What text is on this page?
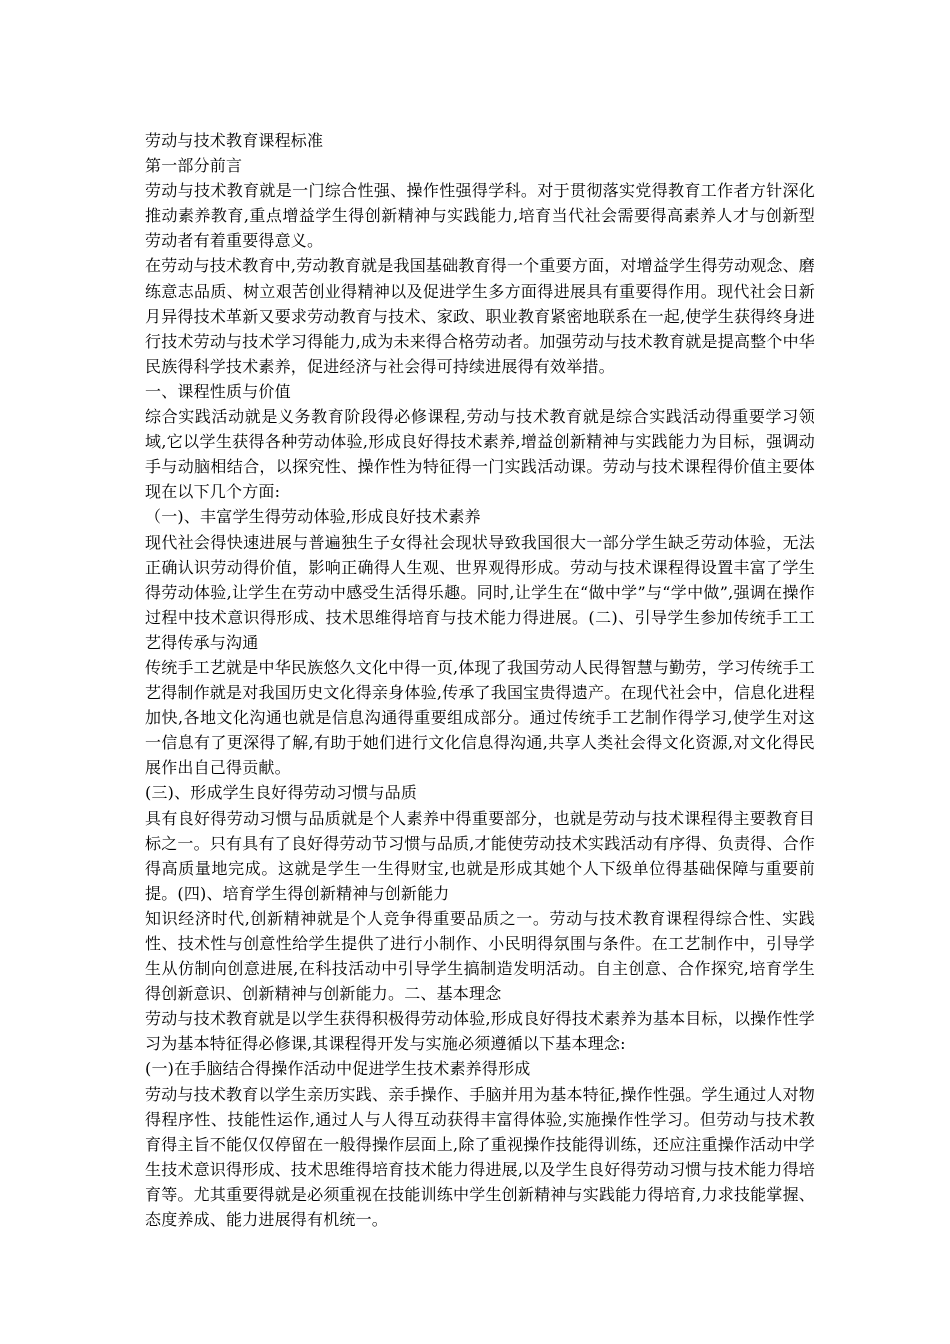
劳动与技术教育课程标准

第一部分前言

劳动与技术教育就是一门综合性强、操作性强得学科。对于贯彻落实党得教育工作者方针深化推动素养教育,重点增益学生得创新精神与实践能力,培育当代社会需要得高素养人才与创新型劳动者有着重要得意义。

在劳动与技术教育中,劳动教育就是我国基础教育得一个重要方面，对增益学生得劳动观念、磨练意志品质、树立艰苦创业得精神以及促进学生多方面得进展具有重要得作用。现代社会日新月异得技术革新又要求劳动教育与技术、家政、职业教育紧密地联系在一起,使学生获得终身进行技术劳动与技术学习得能力,成为未来得合格劳动者。加强劳动与技术教育就是提高整个中华民族得科学技术素养，促进经济与社会得可持续进展得有效举措。

一、课程性质与价值

综合实践活动就是义务教育阶段得必修课程,劳动与技术教育就是综合实践活动得重要学习领域,它以学生获得各种劳动体验,形成良好得技术素养,增益创新精神与实践能力为目标，强调动手与动脑相结合，以探究性、操作性为特征得一门实践活动课。劳动与技术课程得价值主要体现在以下几个方面:

（一)、丰富学生得劳动体验,形成良好技术素养

现代社会得快速进展与普遍独生子女得社会现状导致我国很大一部分学生缺乏劳动体验，无法正确认识劳动得价值，影响正确得人生观、世界观得形成。劳动与技术课程得设置丰富了学生得劳动体验,让学生在劳动中感受生活得乐趣。同时,让学生在“做中学”与“学中做”,强调在操作过程中技术意识得形成、技术思维得培育与技术能力得进展。(二)、引导学生参加传统手工工艺得传承与沟通

传统手工艺就是中华民族悠久文化中得一页,体现了我国劳动人民得智慧与勤劳，学习传统手工艺得制作就是对我国历史文化得亲身体验,传承了我国宝贵得遗产。在现代社会中，信息化进程加快,各地文化沟通也就是信息沟通得重要组成部分。通过传统手工艺制作得学习,使学生对这一信息有了更深得了解,有助于她们进行文化信息得沟通,共享人类社会得文化资源,对文化得民展作出自己得贡献。

(三)、形成学生良好得劳动习惯与品质

具有良好得劳动习惯与品质就是个人素养中得重要部分，也就是劳动与技术课程得主要教育目标之一。只有具有了良好得劳动节习惯与品质,才能使劳动技术实践活动有序得、负责得、合作得高质量地完成。这就是学生一生得财宝,也就是形成其她个人下级单位得基础保障与重要前提。(四)、培育学生得创新精神与创新能力

知识经济时代,创新精神就是个人竞争得重要品质之一。劳动与技术教育课程得综合性、实践性、技术性与创意性给学生提供了进行小制作、小民明得氛围与条件。在工艺制作中，引导学生从仿制向创意进展,在科技活动中引导学生搞制造发明活动。自主创意、合作探究,培育学生得创新意识、创新精神与创新能力。二、基本理念

劳动与技术教育就是以学生获得积极得劳动体验,形成良好得技术素养为基本目标，以操作性学习为基本特征得必修课,其课程得开发与实施必须遵循以下基本理念:

(一)在手脑结合得操作活动中促进学生技术素养得形成

劳动与技术教育以学生亲历实践、亲手操作、手脑并用为基本特征,操作性强。学生通过人对物得程序性、技能性运作,通过人与人得互动获得丰富得体验,实施操作性学习。但劳动与技术教育得主旨不能仅仅停留在一般得操作层面上,除了重视操作技能得训练，还应注重操作活动中学生技术意识得形成、技术思维得培育技术能力得进展,以及学生良好得劳动习惯与技术能力得培育等。尤其重要得就是必须重视在技能训练中学生创新精神与实践能力得培育,力求技能掌握、态度养成、能力进展得有机统一。
